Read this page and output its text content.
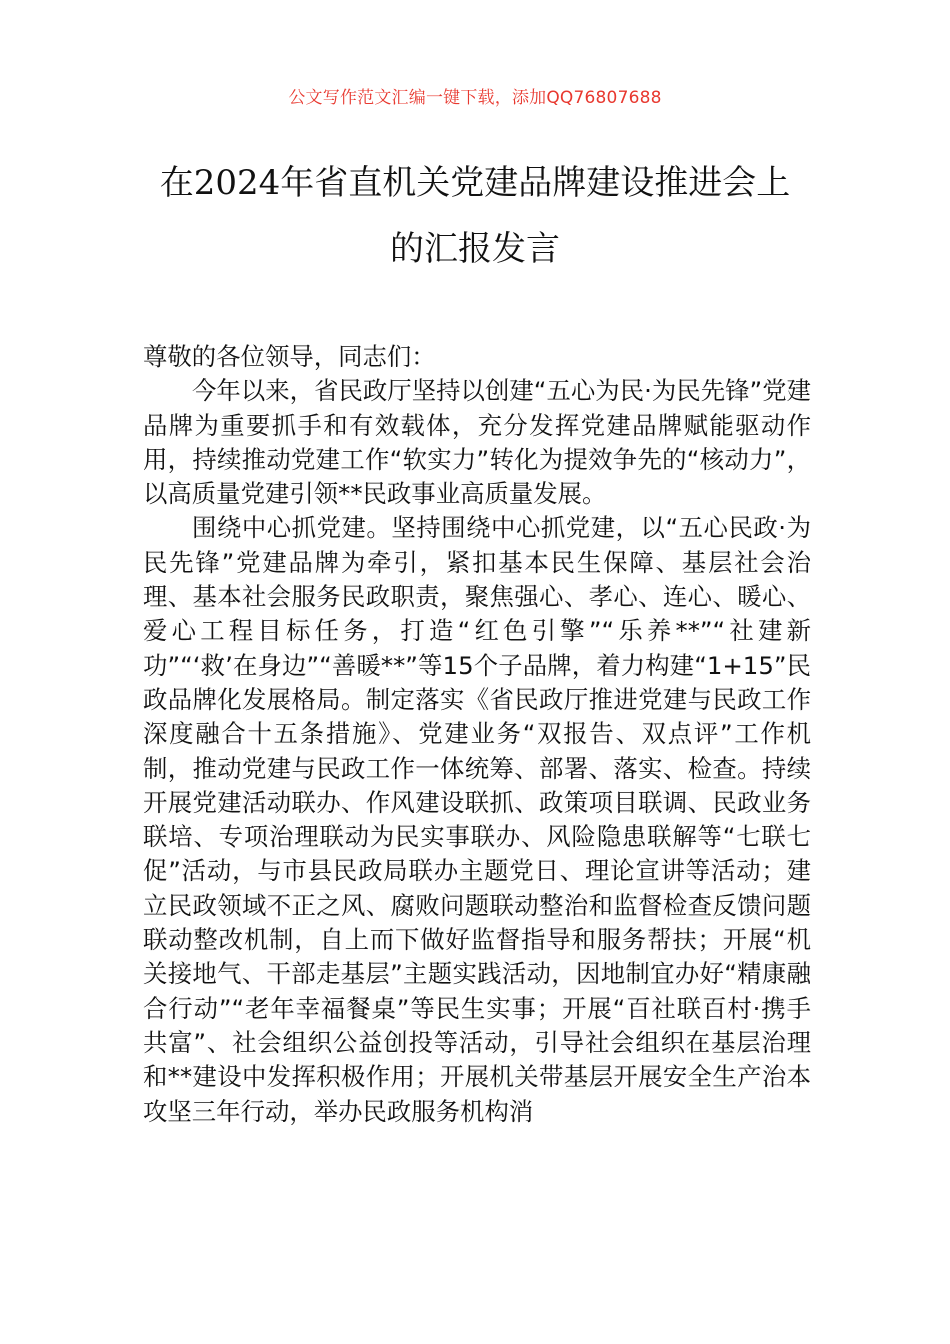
公文写作范文汇编一键下载，添加QQ76807688
在2024年省直机关党建品牌建设推进会上
的汇报发言

尊敬的各位领导，同志们：

今年以来，省民政厅坚持以创建“五心为民·为民先锋”党建品牌为重要抓手和有效载体，充分发挥党建品牌赋能驱动作用，持续推动党建工作“软实力”转化为提效争先的“核动力”，以高质量党建引领**民政事业高质量发展。

围绕中心抓党建。坚持围绕中心抓党建，以“五心民政·为民先锋”党建品牌为牵引，紧扣基本民生保障、基层社会治理、基本社会服务民政职责，聚焦强心、孝心、连心、暖心、爱心工程目标任务，打造“红色引擎”“乐养**”“社建新功”“‘救’在身边”“善暖**”等15个子品牌，着力构建“1+15”民政品牌化发展格局。制定落实《省民政厅推进党建与民政工作深度融合十五条措施》、党建业务“双报告、双点评”工作机制，推动党建与民政工作一体统筹、部署、落实、检查。持续开展党建活动联办、作风建设联抓、政策项目联调、民政业务联培、专项治理联动为民实事联办、风险隐患联解等“七联七促”活动，与市县民政局联办主题党日、理论宣讲等活动；建立民政领域不正之风、腐败问题联动整治和监督检查反馈问题联动整改机制，自上而下做好监督指导和服务帮扶；开展“机关接地气、干部走基层”主题实践活动，因地制宜办好“精康融合行动”“老年幸福餐桌”等民生实事；开展“百社联百村·携手共富”、社会组织公益创投等活动，引导社会组织在基层治理和**建设中发挥积极作用；开展机关带基层开展安全生产治本攻坚三年行动，举办民政服务机构消
